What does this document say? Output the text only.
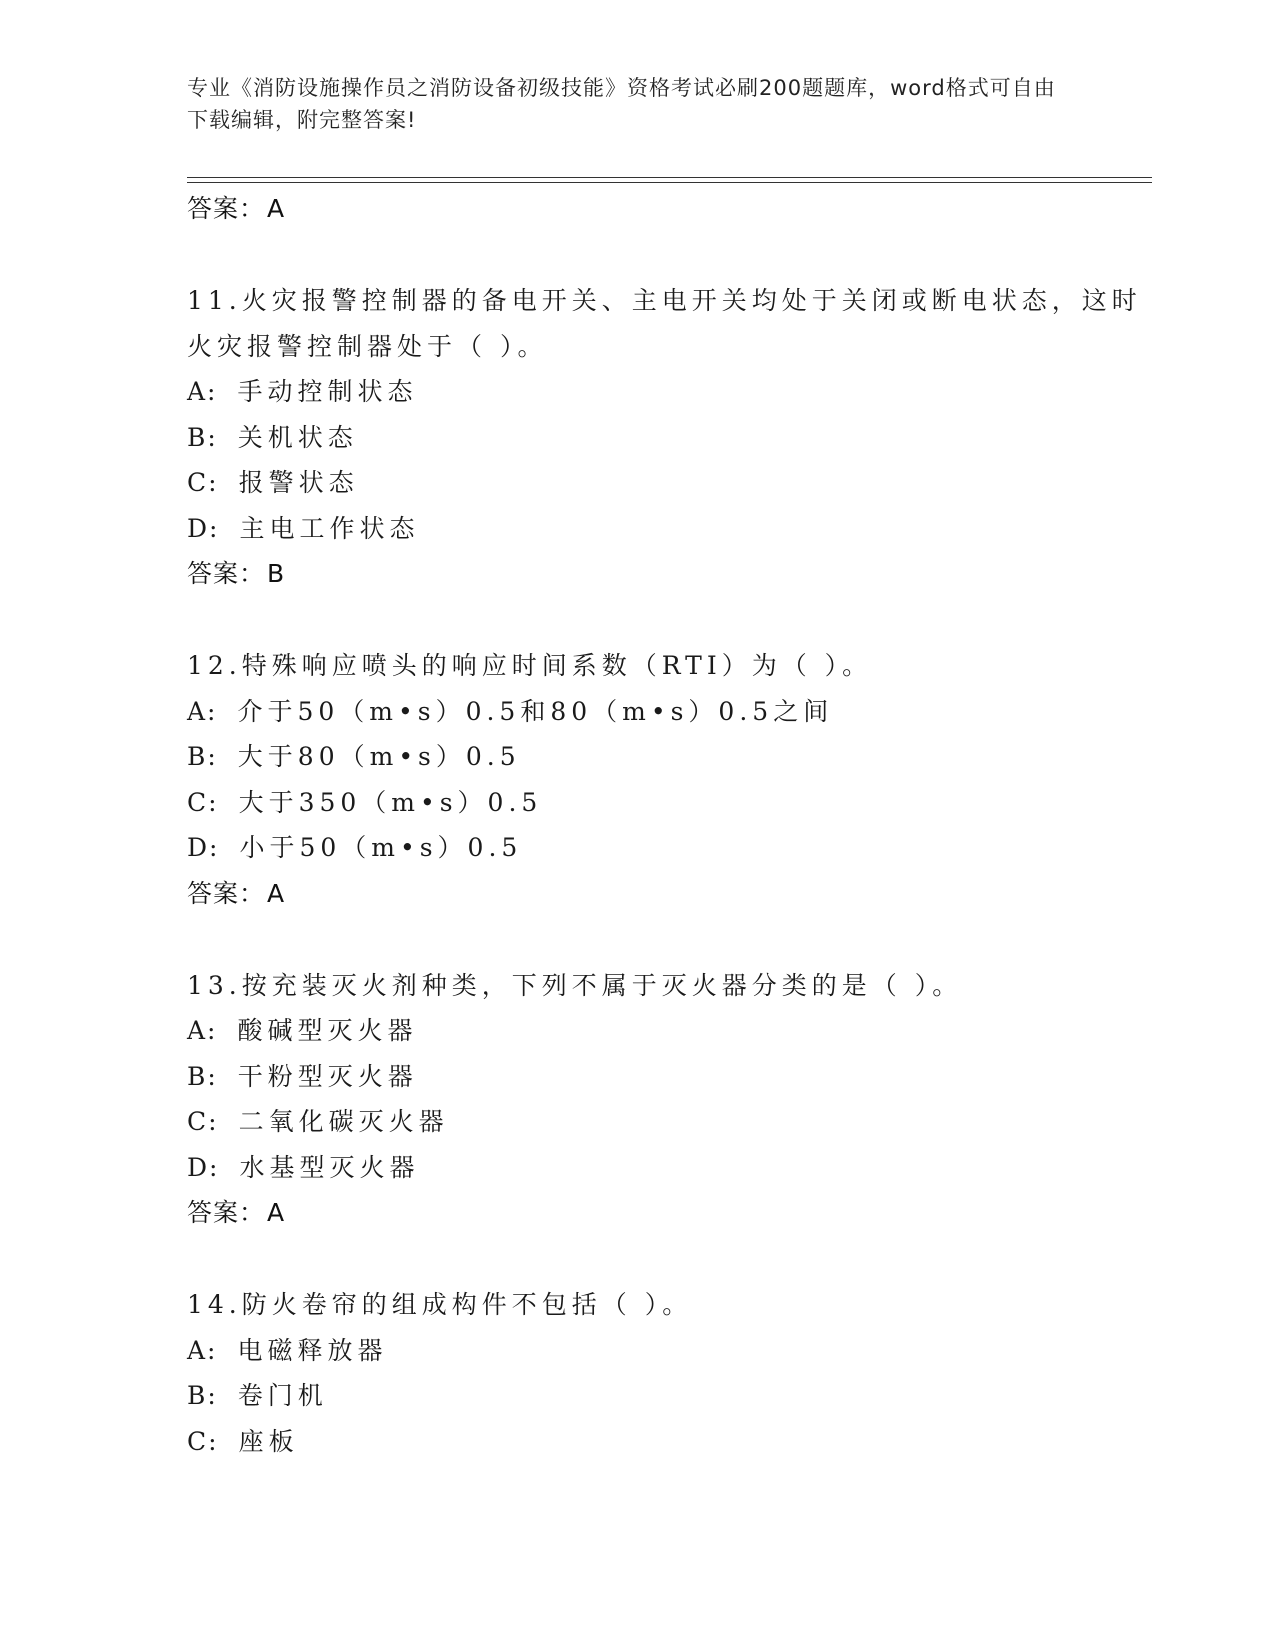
专业《消防设施操作员之消防设备初级技能》资格考试必刷200题题库，word格式可自由下载编辑，附完整答案!
答案：A
11.火灾报警控制器的备电开关、主电开关均处于关闭或断电状态，这时火灾报警控制器处于（ ）。
A: 手动控制状态
B: 关机状态
C: 报警状态
D: 主电工作状态
答案：B
12.特殊响应喷头的响应时间系数（RTI）为（ ）。
A: 介于50（m•s）0.5和80（m•s）0.5之间
B: 大于80（m•s）0.5
C: 大于350（m•s）0.5
D: 小于50（m•s）0.5
答案：A
13.按充装灭火剂种类，下列不属于灭火器分类的是（ ）。
A: 酸碱型灭火器
B: 干粉型灭火器
C: 二氧化碳灭火器
D: 水基型灭火器
答案：A
14.防火卷帘的组成构件不包括（ ）。
A: 电磁释放器
B: 卷门机
C: 座板
